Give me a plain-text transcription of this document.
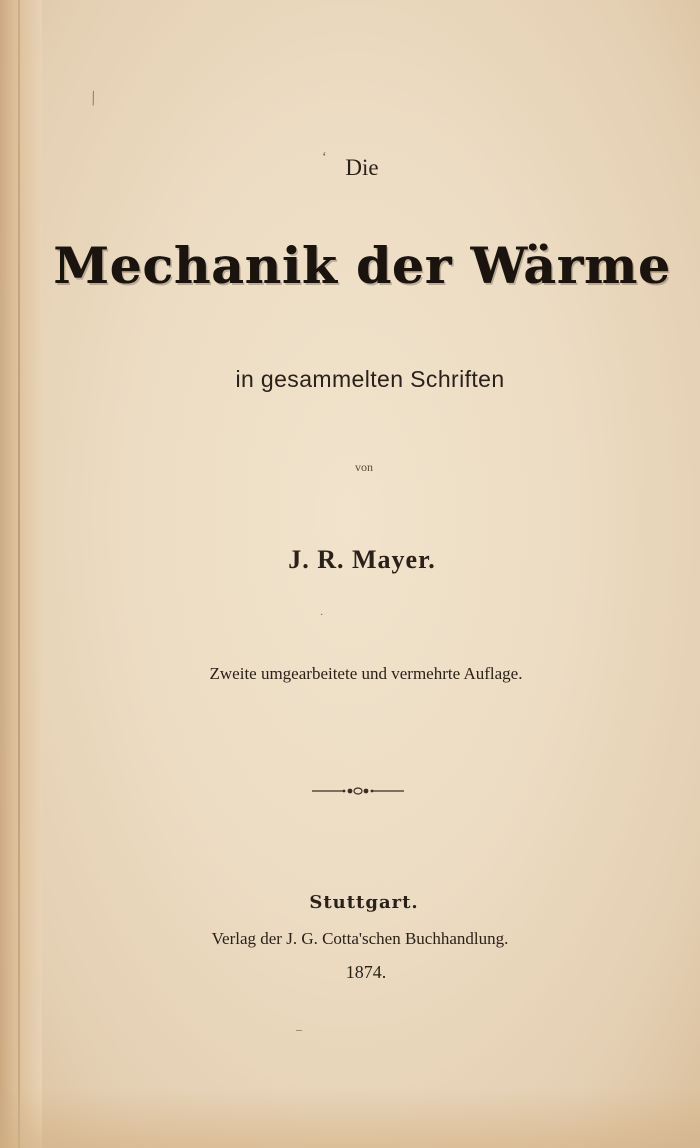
∕
‘
·
–
Die
Mechanik der Wärme
in gesammelten Schriften
von
J. R. Mayer.
Zweite umgearbeitete und vermehrte Auflage.
Stuttgart.
Verlag der J. G. Cotta'schen Buchhandlung.
1874.
